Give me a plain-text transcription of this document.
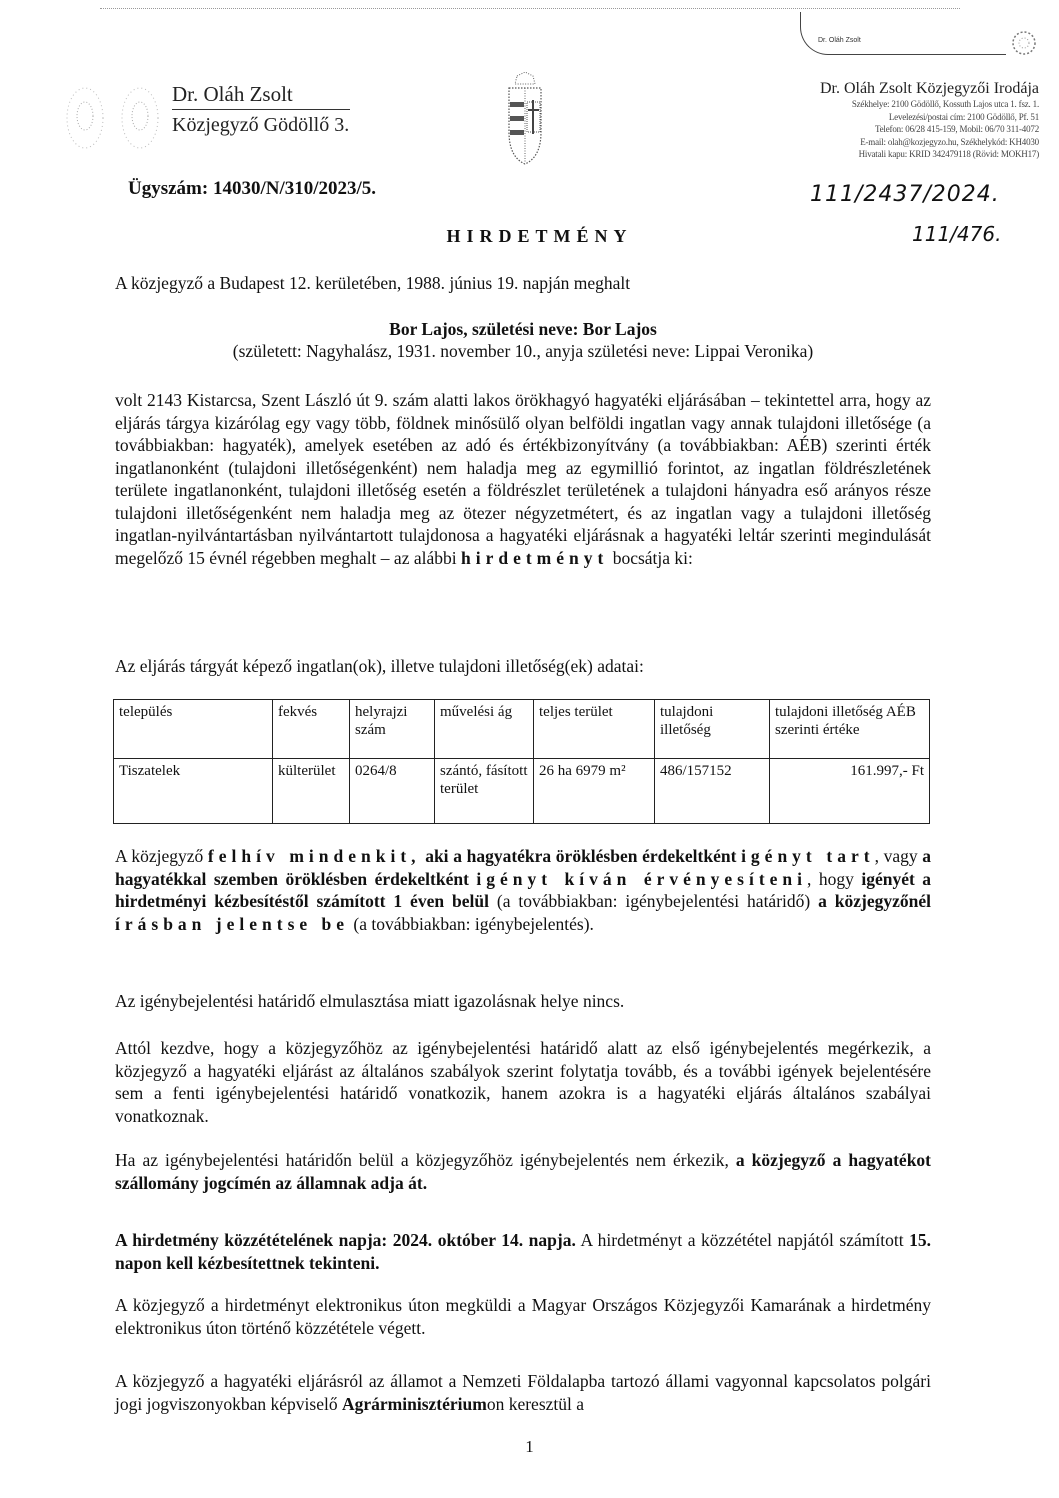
Dr. Oláh Zsolt
Dr. Oláh Zsolt
Közjegyző Gödöllő 3.
Dr. Oláh Zsolt Közjegyzői Irodája
Székhelye: 2100 Gödöllő, Kossuth Lajos utca 1. fsz. 1.
Levelezési/postai cím: 2100 Gödöllő, Pf. 51
Telefon: 06/28 415-159, Mobil: 06/70 311-4072
E-mail: olah@kozjegyzo.hu, Székhelykód: KH4030
Hivatali kapu: KRID 342479118 (Rövid: MOKH17)
111/2437/2024.
111/476.
Ügyszám: 14030/N/310/2023/5.
HIRDETMÉNY

A közjegyző a Budapest 12. kerületében, 1988. június 19. napján meghalt

Bor Lajos, születési neve: Bor Lajos
(született: Nagyhalász, 1931. november 10., anyja születési neve: Lippai Veronika)

volt 2143 Kistarcsa, Szent László út 9. szám alatti lakos örökhagyó hagyatéki eljárásában – tekintettel arra, hogy az eljárás tárgya kizárólag egy vagy több, földnek minősülő olyan belföldi ingatlan vagy annak tulajdoni illetősége (a továbbiakban: hagyaték), amelyek esetében az adó és értékbizonyítvány (a továbbiakban: AÉB) szerinti érték ingatlanonként (tulajdoni illetőségenként) nem haladja meg az egymillió forintot, az ingatlan földrészletének területe ingatlanonként, tulajdoni illetőség esetén a földrészlet területének a tulajdoni hányadra eső arányos része tulajdoni illetőségenként nem haladja meg az ötezer négyzetmétert, és az ingatlan vagy a tulajdoni illetőség ingatlan-nyilvántartásban nyilvántartott tulajdonosa a hagyatéki eljárásnak a hagyatéki leltár szerinti megindulását megelőző 15 évnél régebben meghalt – az alábbi hirdetményt bocsátja ki:

Az eljárás tárgyát képező ingatlan(ok), illetve tulajdoni illetőség(ek) adatai:

település	fekvés	helyrajzi szám	művelési ág	teljes terület	tulajdoni illetőség	tulajdoni illetőség AÉB szerinti értéke
Tiszatelek	külterület	0264/8	szántó, fásított terület	26 ha 6979 m²	486/157152	161.997,- Ft

A közjegyző felhív mindenkit, aki a hagyatékra öröklésben érdekeltként igényt tart, vagy a hagyatékkal szemben öröklésben érdekeltként igényt kíván érvényesíteni, hogy igényét a hirdetményi kézbesítéstől számított 1 éven belül (a továbbiakban: igénybejelentési határidő) a közjegyzőnél írásban jelentse be (a továbbiakban: igénybejelentés).

Az igénybejelentési határidő elmulasztása miatt igazolásnak helye nincs.

Attól kezdve, hogy a közjegyzőhöz az igénybejelentési határidő alatt az első igénybejelentés megérkezik, a közjegyző a hagyatéki eljárást az általános szabályok szerint folytatja tovább, és a további igények bejelentésére sem a fenti igénybejelentési határidő vonatkozik, hanem azokra is a hagyatéki eljárás általános szabályai vonatkoznak.

Ha az igénybejelentési határidőn belül a közjegyzőhöz igénybejelentés nem érkezik, a közjegyző a hagyatékot szállomány jogcímén az államnak adja át.

A hirdetmény közzétételének napja: 2024. október 14. napja. A hirdetményt a közzététel napjától számított 15. napon kell kézbesítettnek tekinteni.

A közjegyző a hirdetményt elektronikus úton megküldi a Magyar Országos Közjegyzői Kamarának a hirdetmény elektronikus úton történő közzététele végett.

A közjegyző a hagyatéki eljárásról az államot a Nemzeti Földalapba tartozó állami vagyonnal kapcsolatos polgári jogi jogviszonyokban képviselő Agrárminisztériumon keresztül a

1
